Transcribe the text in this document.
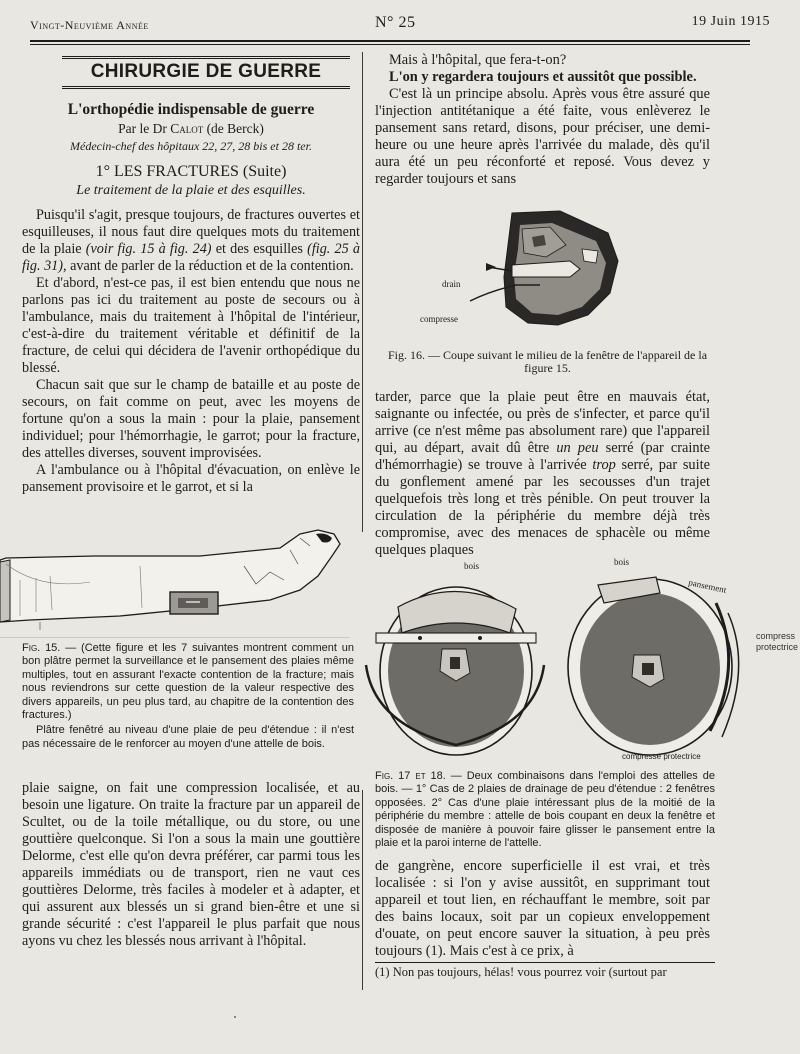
Vingt-Neuvième Année	N° 25	19 Juin 1915
CHIRURGIE DE GUERRE
L'orthopédie indispensable de guerre
Par le Dr Calot (de Berck)
Médecin-chef des hôpitaux 22, 27, 28 bis et 28 ter.
1° LES FRACTURES (Suite)
Le traitement de la plaie et des esquilles.

Puisqu'il s'agit, presque toujours, de fractures ouvertes et esquilleuses, il nous faut dire quelques mots du traitement de la plaie (voir fig. 15 à fig. 24) et des esquilles (fig. 25 à fig. 31), avant de parler de la réduction et de la contention.

Et d'abord, n'est-ce pas, il est bien entendu que nous ne parlons pas ici du traitement au poste de secours ou à l'ambulance, mais du traitement à l'hôpital de l'intérieur, c'est-à-dire du traitement véritable et définitif de la fracture, de celui qui décidera de l'avenir orthopédique du blessé.

Chacun sait que sur le champ de bataille et au poste de secours, on fait comme on peut, avec les moyens de fortune qu'on a sous la main : pour la plaie, pansement individuel; pour l'hémorrhagie, le garrot; pour la fracture, des attelles diverses, souvent improvisées.

A l'ambulance ou à l'hôpital d'évacuation, on enlève le pansement provisoire et le garrot, et si la

Fig. 15. — (Cette figure et les 7 suivantes montrent comment un bon plâtre permet la surveillance et le pansement des plaies même multiples, tout en assurant l'exacte contention de la fracture; mais nous reviendrons sur cette question de la valeur respective des divers appareils, un peu plus tard, au chapitre de la contention des fractures.)
Plâtre fenêtré au niveau d'une plaie de peu d'étendue : il n'est pas nécessaire de le renforcer au moyen d'une attelle de bois.

plaie saigne, on fait une compression localisée, et au besoin une ligature. On traite la fracture par un appareil de Scultet, ou de la toile métallique, ou du store, ou une gouttière quelconque. Si l'on a sous la main une gouttière Delorme, c'est elle qu'on devra préférer, car parmi tous les appareils immédiats ou de transport, rien ne vaut ces gouttières Delorme, très faciles à modeler et à adapter, et qui assurent aux blessés un si grand bien-être et une si grande sécurité : c'est l'appareil le plus parfait que nous ayons vu chez les blessés nous arrivant à l'hôpital.

Mais à l'hôpital, que fera-t-on?

L'on y regardera toujours et aussitôt que possible.

C'est là un principe absolu. Après vous être assuré que l'injection antitétanique a été faite, vous enlèverez le pansement sans retard, disons, pour préciser, une demi-heure ou une heure après l'arrivée du malade, dès qu'il aura été un peu réconforté et reposé. Vous devez y regarder toujours et sans

drain
compresse
Fig. 16. — Coupe suivant le milieu de la fenêtre de l'appareil de la figure 15.

tarder, parce que la plaie peut être en mauvais état, saignante ou infectée, ou près de s'infecter, et parce qu'il arrive (ce n'est même pas absolument rare) que l'appareil qui, au départ, avait dû être un peu serré (par crainte d'hémorrhagie) se trouve à l'arrivée trop serré, par suite du gonflement amené par les secousses d'un trajet quelquefois très long et très pénible. On peut trouver la circulation de la périphérie du membre déjà très compromise, avec des menaces de sphacèle ou même quelques plaques

bois	bois
pansement
compresse protectrice
compress
protectrice
Fig. 17 et 18. — Deux combinaisons dans l'emploi des attelles de bois. — 1° Cas de 2 plaies de drainage de peu d'étendue : 2 fenêtres opposées. 2° Cas d'une plaie intéressant plus de la moitié de la périphérie du membre : attelle de bois coupant en deux la fenêtre et disposée de manière à pouvoir faire glisser le pansement entre la plaie et la paroi interne de l'attelle.

de gangrène, encore superficielle il est vrai, et très localisée : si l'on y avise aussitôt, en supprimant tout appareil et tout lien, en réchauffant le membre, soit par des bains locaux, soit par un copieux enveloppement d'ouate, on peut encore sauver la situation, à peu près toujours (1). Mais c'est à ce prix, à

(1) Non pas toujours, hélas! vous pourrez voir (surtout par
